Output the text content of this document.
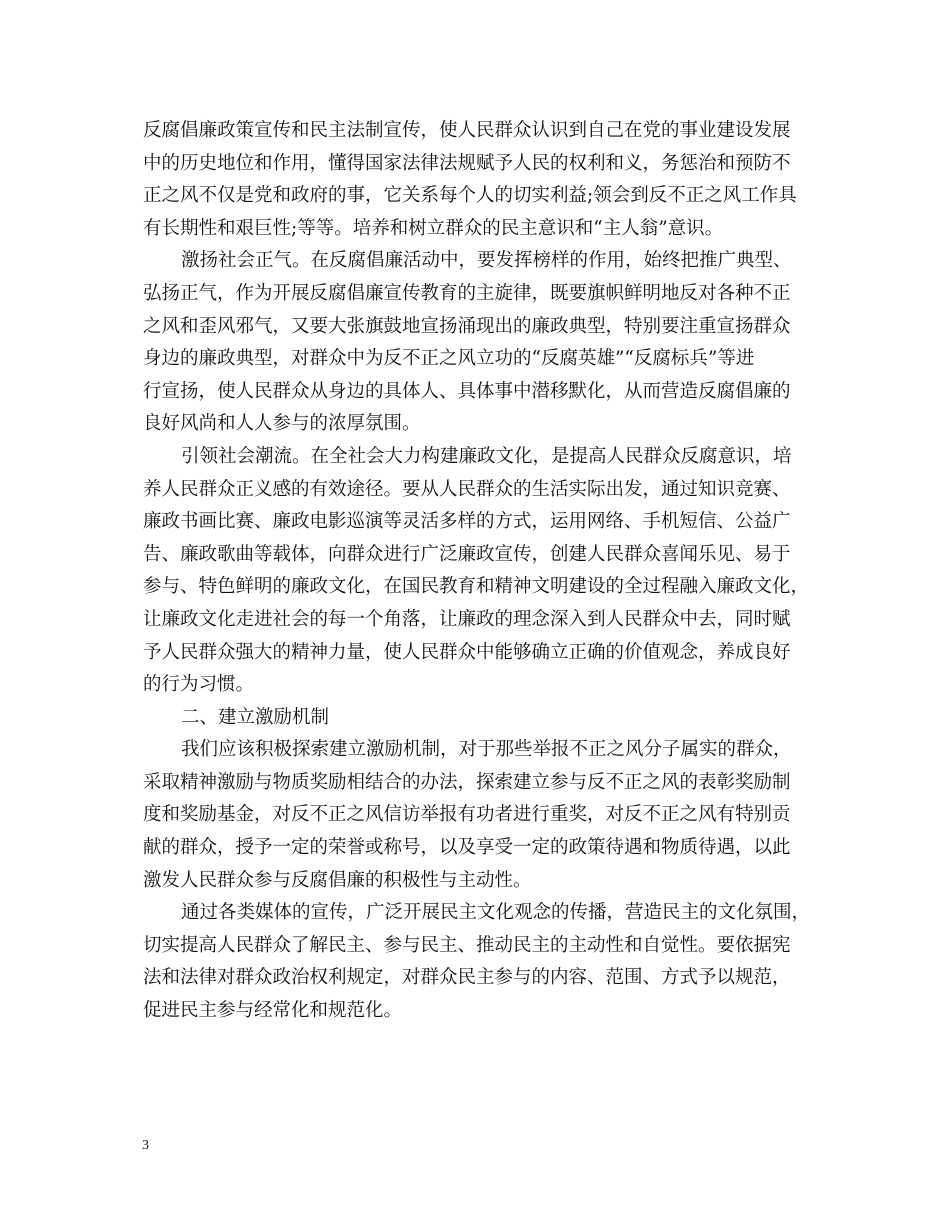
反腐倡廉政策宣传和民主法制宣传，使人民群众认识到自己在党的事业建设发展
中的历史地位和作用，懂得国家法律法规赋予人民的权利和义，务惩治和预防不
正之风不仅是党和政府的事，它关系每个人的切实利益;领会到反不正之风工作具
有长期性和艰巨性;等等。培养和树立群众的民主意识和“主人翁”意识。
激扬社会正气。在反腐倡廉活动中，要发挥榜样的作用，始终把推广典型、
弘扬正气，作为开展反腐倡廉宣传教育的主旋律，既要旗帜鲜明地反对各种不正
之风和歪风邪气，又要大张旗鼓地宣扬涌现出的廉政典型，特别要注重宣扬群众
身边的廉政典型，对群众中为反不正之风立功的“反腐英雄”“反腐标兵”等进
行宣扬，使人民群众从身边的具体人、具体事中潜移默化，从而营造反腐倡廉的
良好风尚和人人参与的浓厚氛围。
引领社会潮流。在全社会大力构建廉政文化，是提高人民群众反腐意识，培
养人民群众正义感的有效途径。要从人民群众的生活实际出发，通过知识竞赛、
廉政书画比赛、廉政电影巡演等灵活多样的方式，运用网络、手机短信、公益广
告、廉政歌曲等载体，向群众进行广泛廉政宣传，创建人民群众喜闻乐见、易于
参与、特色鲜明的廉政文化，在国民教育和精神文明建设的全过程融入廉政文化，
让廉政文化走进社会的每一个角落，让廉政的理念深入到人民群众中去，同时赋
予人民群众强大的精神力量，使人民群众中能够确立正确的价值观念，养成良好
的行为习惯。
二、建立激励机制
我们应该积极探索建立激励机制，对于那些举报不正之风分子属实的群众，
采取精神激励与物质奖励相结合的办法，探索建立参与反不正之风的表彰奖励制
度和奖励基金，对反不正之风信访举报有功者进行重奖，对反不正之风有特别贡
献的群众，授予一定的荣誉或称号，以及享受一定的政策待遇和物质待遇，以此
激发人民群众参与反腐倡廉的积极性与主动性。
通过各类媒体的宣传，广泛开展民主文化观念的传播，营造民主的文化氛围，
切实提高人民群众了解民主、参与民主、推动民主的主动性和自觉性。要依据宪
法和法律对群众政治权利规定，对群众民主参与的内容、范围、方式予以规范，
促进民主参与经常化和规范化。
3
